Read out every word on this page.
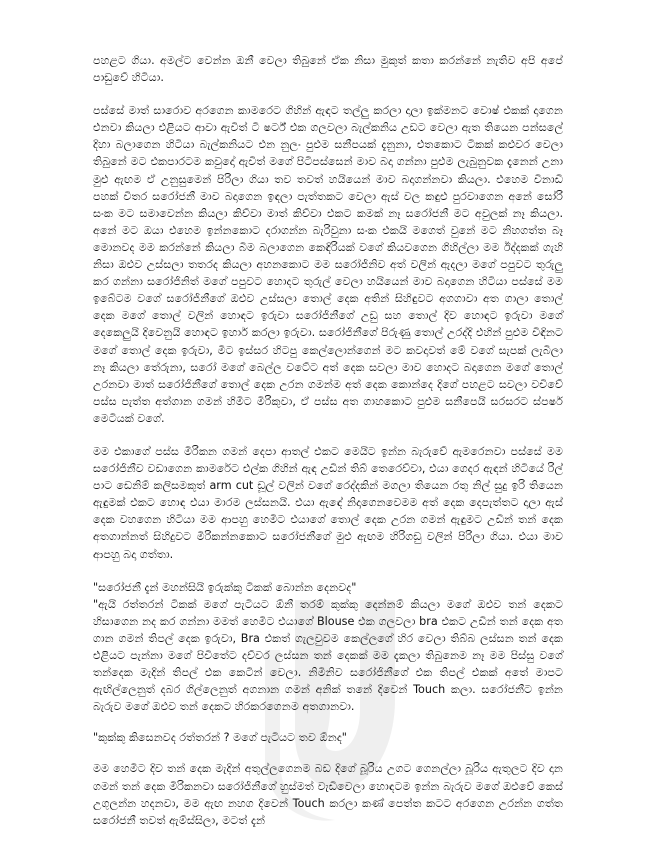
පහළට ගියා. අමල්ට වෙන්න ඔනී වෙලා තිබුනේ ඒක නිසා මුකුත් කතා කරන්නේ නැතිව අපි අපේ පාඩුවේ හිටියා.

පස්සේ මාත් සාරොව අරගෙන කාමරෙට ගිහින් ඇඳට තල්ලු කරලා දාලා ඉක්මනට වොෂ් එකක් දාගෙන එනවා කියලා එළියට ආවා ඇවිත් ටී ෂර්ට් එක ගලවලා බැල්කනිය උඩට වෙලා ඇත තියෙන පන්සලේ දිහා බලාගෙන හිටියා බැල්කනියට එන නුලං පුළුම සනීපයක් දැනුනා, එතකොට ටිකක් කළුවර වෙලා තිබුනේ මට එකපාරටම කවුදෝ ඇවිත් මගේ පිටිපස්සෙන් මාව බදා ගන්නා පුළුම ලැබුනුවක දැනෙන් උනා මුළු ඇඟම ඒ උනුසුමෙන් පිරිලා ගියා තව තවත් හයියෙන් මාව බදාගන්නවා කියලා. එහෙම විනාඩි පහක් විතර සරෝජනී මාව බදාගෙන ඉඳලා පැත්තකට වෙලා ඇස් වල කඳුළු පුරවාගෙන අනේ සෝරි සංක මට සමාවෙන්න කියලා කිව්වා මාත් කිව්වා එකට කමක් නෑ සරෝජනී මට අවුලක් නෑ කියලා. අනේ මට ඔයා එහෙම ඉන්නකොට දරාගන්න බැරිවුනා සංක එකයි මගෙත් වුනේ මට නිහගත්ත බෑ මොනවද මම කරන්නේ කියලා බිම බලාගෙන කෙඳිරියක් වගේ කියවගෙන ගිහිල්ලා මම ඊද්දකක් ගැහි නිසා ඔළුව උස්සලා තතරද කියලා අහනකොට මම සරෝජිනිව අත් වලින් ඇදලා මගේ පපුවට තුරුලු කර ගන්නා සරෝජිනිත් මගේ පපුවට හොදට තුරුල් වෙලා හයියෙන් මාව බදාගෙන හිටියා පස්සේ මම ඉබේටම වගේ සරෝජිනීගේ ඔළුව උස්සලා තොල් දෙක අතින් සිහිඳුවට අගගාවා අත ගාලා තොල් දෙක මගේ තොල් වලින් හොඳට ඉරුවා සරෝජිනීගේ උඩු සහ තොල් දිව හොඳට ඉරුවා මගේ දෙකෙලුයි දිවෙනුයි හොඳට ඉහාර් කරලා ඉරුවා. සරෝජිනීගේ පිරුණු තොල් උරද්දි එහින් පුළුම විඳිනට මගේ තොල් දෙක ඉරුවා, මීට ඉස්සර හිටපු කෙල්ලොන්ගෙන් මට කවදාවත් මේ වගේ සැපක් ලැබිලා නෑ කියලා තේරුනා, සරෝ මගේ බෙල්ල වටේට අත් දෙක සවලා මාව හොදට බදාගෙන මගේ තොල් උරනවා මාත් සරෝජිනීගේ තොල් දෙක උරන ගමන්ම අත් දෙක කොන්දෙ දිගේ පහළට සවලා වචිවේ පස්ස පැත්ත අත්ගාන ගමන් හිමිට මිරිකුවා, ඒ පස්ස අත ගාහකොට පුළුම සනීපෙයි සරසරට ස්පර්ෂ මෙටියක් වගේ.

මම එකාගේ පස්ස මිරිකන ගමන් දෙපා ආතල් එකට මෙයිට ඉන්න බැරුවේ ඇමරෙනවා පස්සේ මම සරෝජිනීව වඩාගෙන කාමරේට එල්ක ගිහින් ඇඳ උඩින් තිබ් තෙරෙව්වා, එයා ගෙදර ඇඳන් හිටියේ රිල් පාට ඩෙනිම් කලිසමකුත් arm cut ඩූල් වලින් වගේ රෙද්දකින් මගලා තියෙන රතු නිල් සුදු ඉරි තියෙන ඇඳුමක් එකට හොඳ එයා මාරම ලස්සනයි. එයා ඇඳේ නිදාගෙනවෙමම අත් දෙක දෙපැත්තට දාලා ඇස් දෙක වහගෙන හිටියා මම ආපහු හෙමිට එයාගේ තොල් දෙක උරන ගමන් ඇඳුමට උඩින් තන් දෙක අතගාන්නත් සිහිදුවට මිරිකන්නකොට සරෝජනීගේ මුළු ඇඟම හිරිගඩු වලින් පිරිලා ගියා. එයා මාව ආපහු බදා ගත්තා.

"සරෝජනී දැන් මහන්සියි ඉරුක්කු ටිකක් බොන්න දෙනවද"
"ඇයි රත්තරන් ටිකක් මගේ පැටියට ඕනී තරම් කුක්කු දෙන්නම් කියලා මගේ ඔළුව තන් දෙකට හිසාගෙන නද කර ගන්නා මමත් හෙමිට එයාගේ Blouse එක ගලවලා bra එකට උඩින් තන් දෙක අත ගාන ගමන් තිපල් දෙක ඉරුවා, Bra එකත් ගැලවුවම කෙල්ලගේ හිර වෙලා තිබ්බ ලස්සන තන් දෙක එළියට පැන්නා මගේ පිවිතේට දව්වර ලස්සන තන් දෙකක් මම දැකලා තිබුනෙම නෑ මම පිස්සු වගේ තන්දෙක මැදින් තිපල් එක කෙටින් වෙලා. නිමිනිව සරෝජිනීගේ එක තිපල් එකක් අතේ මාපට ඇඟිල්ලෙනුත් දබර ගිල්ලෙනුත් අගනාන ගමන් අනික් තනේ දිවෙන් Touch කලා. සරෝජනීට ඉන්න බැරුව මගේ ඔළුව තන් දෙකට හිරකරගෙනම අතගානවා.

"කුක්කු කිසෙනවද රත්තරන් ? මගේ පැටියට තව ඕනද"

මම හෙමිට දිව තන් දෙක මැදින් අතුල්ලගෙනම බඩ දිගේ බූරිය උගට ගෙනල්ලා බූරිය ඇතුලට දිව දාන ගමන් තන් දෙක මිරිකනවා සරෝජිනීගේ හුස්මත් වැඩිවෙලා හොඳටම ඉන්න බැරුව මගේ ඔළුවේ කෙස් උගුලන්න හදනවා, මම ඇඟ නහග දිවෙන් Touch කරලා කණ් පෙත්ත කටට අරගෙන උරන්න ගත්ත සරෝජනී තවත් ඇම්ස්සිලා, මටත් දැන්
